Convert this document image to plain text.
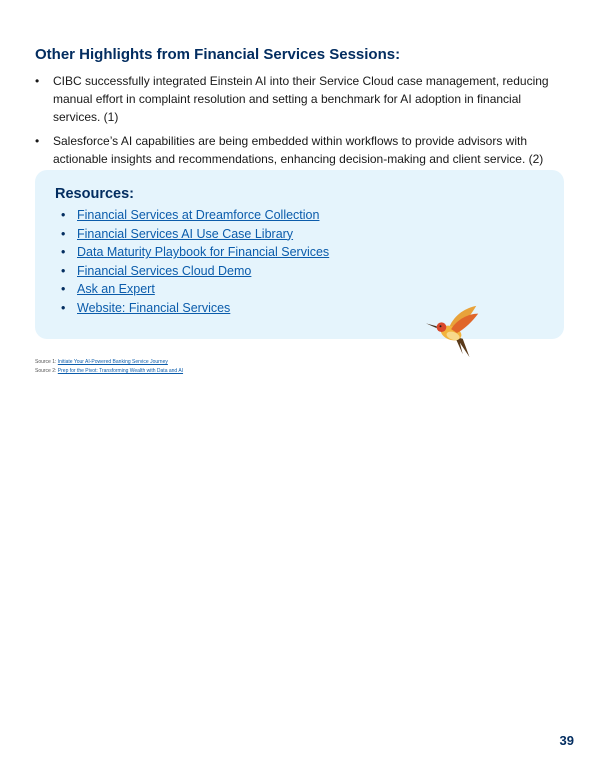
Other Highlights from Financial Services Sessions:
• CIBC successfully integrated Einstein AI into their Service Cloud case management, reducing manual effort in complaint resolution and setting a benchmark for AI adoption in financial services. (1)
• Salesforce’s AI capabilities are being embedded within workflows to provide advisors with actionable insights and recommendations, enhancing decision-making and client service. (2)
Resources:
• Financial Services at Dreamforce Collection
• Financial Services AI Use Case Library
• Data Maturity Playbook for Financial Services
• Financial Services Cloud Demo
• Ask an Expert
• Website: Financial Services
Source 1: Initiate Your AI-Powered Banking Service Journey
Source 2: Prep for the Pivot: Transforming Wealth with Data and AI
39
